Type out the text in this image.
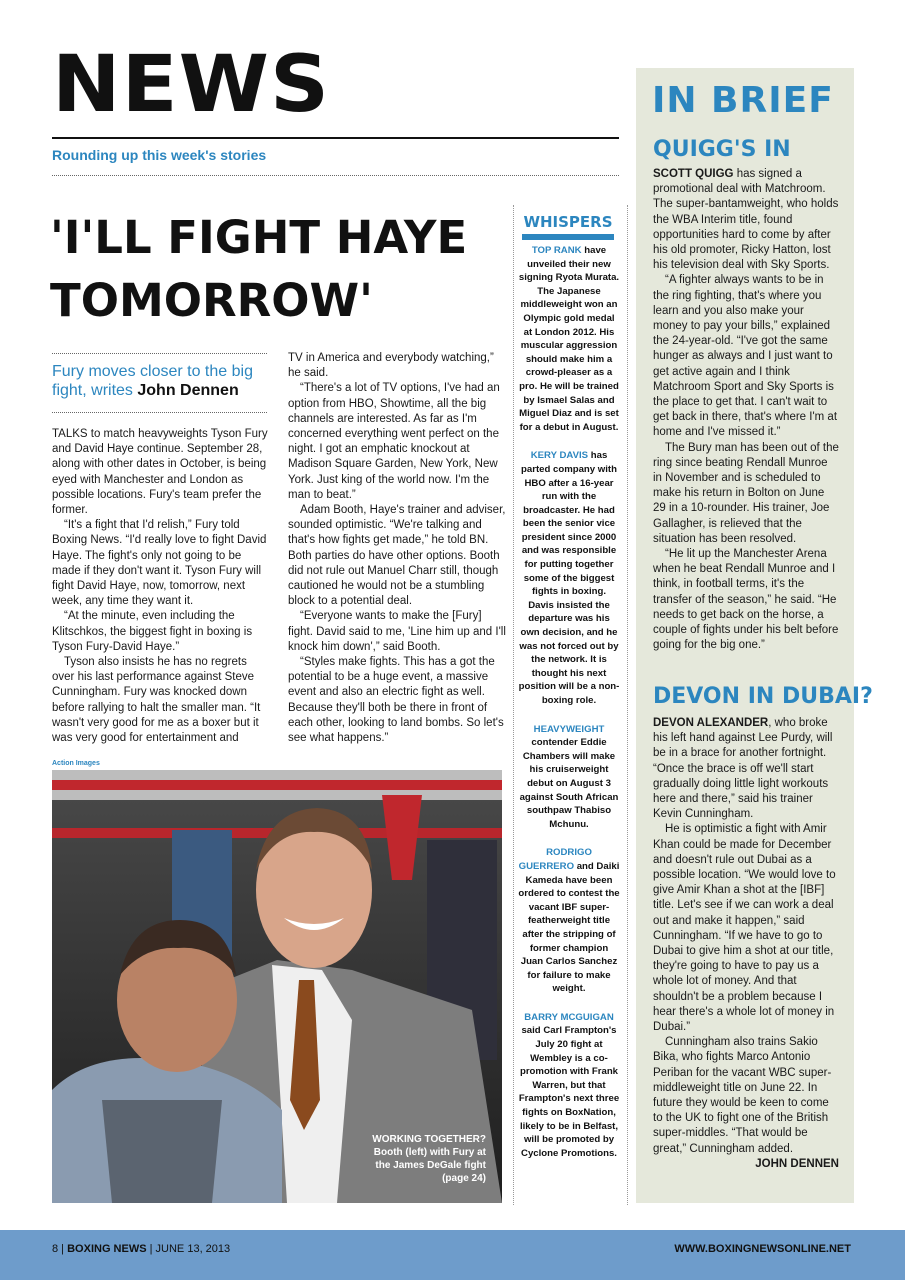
NEWS
Rounding up this week's stories
'I'LL FIGHT HAYE TOMORROW'
Fury moves closer to the big fight, writes John Dennen

TALKS to match heavyweights Tyson Fury and David Haye continue. September 28, along with other dates in October, is being eyed with Manchester and London as possible locations. Fury's team prefer the former.

“It's a fight that I'd relish,” Fury told Boxing News. “I'd really love to fight David Haye. The fight's only not going to be made if they don't want it. Tyson Fury will fight David Haye, now, tomorrow, next week, any time they want it.

“At the minute, even including the Klitschkos, the biggest fight in boxing is Tyson Fury-David Haye.”

Tyson also insists he has no regrets over his last performance against Steve Cunningham. Fury was knocked down before rallying to halt the smaller man. “It wasn't very good for me as a boxer but it was very good for entertainment and

TV in America and everybody watching,” he said.

“There's a lot of TV options, I've had an option from HBO, Showtime, all the big channels are interested. As far as I'm concerned everything went perfect on the night. I got an emphatic knockout at Madison Square Garden, New York, New York. Just king of the world now. I'm the man to beat.”

Adam Booth, Haye's trainer and adviser, sounded optimistic. “We're talking and that's how fights get made,” he told BN. Both parties do have other options. Booth did not rule out Manuel Charr still, though cautioned he would not be a stumbling block to a potential deal.

“Everyone wants to make the [Fury] fight. David said to me, 'Line him up and I'll knock him down',” said Booth.

“Styles make fights. This has a got the potential to be a huge event, a massive event and also an electric fight as well. Because they'll both be there in front of each other, looking to land bombs. So let's see what happens.”

Action Images
WORKING TOGETHER? Booth (left) with Fury at the James DeGale fight (page 24)
WHISPERS
TOP RANK have unveiled their new signing Ryota Murata. The Japanese middleweight won an Olympic gold medal at London 2012. His muscular aggression should make him a crowd-pleaser as a pro. He will be trained by Ismael Salas and Miguel Diaz and is set for a debut in August.
KERY DAVIS has parted company with HBO after a 16-year run with the broadcaster. He had been the senior vice president since 2000 and was responsible for putting together some of the biggest fights in boxing. Davis insisted the departure was his own decision, and he was not forced out by the network. It is thought his next position will be a non-boxing role.
HEAVYWEIGHT contender Eddie Chambers will make his cruiserweight debut on August 3 against South African southpaw Thabiso Mchunu.
RODRIGO GUERRERO and Daiki Kameda have been ordered to contest the vacant IBF super-featherweight title after the stripping of former champion Juan Carlos Sanchez for failure to make weight.
BARRY MCGUIGAN said Carl Frampton's July 20 fight at Wembley is a co-promotion with Frank Warren, but that Frampton's next three fights on BoxNation, likely to be in Belfast, will be promoted by Cyclone Promotions.
IN BRIEF
QUIGG'S IN

SCOTT QUIGG has signed a promotional deal with Matchroom. The super-bantamweight, who holds the WBA Interim title, found opportunities hard to come by after his old promoter, Ricky Hatton, lost his television deal with Sky Sports.

“A fighter always wants to be in the ring fighting, that's where you learn and you also make your money to pay your bills,” explained the 24-year-old. “I've got the same hunger as always and I just want to get active again and I think Matchroom Sport and Sky Sports is the place to get that. I can't wait to get back in there, that's where I'm at home and I've missed it.”

The Bury man has been out of the ring since beating Rendall Munroe in November and is scheduled to make his return in Bolton on June 29 in a 10-rounder. His trainer, Joe Gallagher, is relieved that the situation has been resolved.

“He lit up the Manchester Arena when he beat Rendall Munroe and I think, in football terms, it's the transfer of the season,” he said. “He needs to get back on the horse, a couple of fights under his belt before going for the big one.”

DEVON IN DUBAI?

DEVON ALEXANDER, who broke his left hand against Lee Purdy, will be in a brace for another fortnight. “Once the brace is off we'll start gradually doing little light workouts here and there,” said his trainer Kevin Cunningham.

He is optimistic a fight with Amir Khan could be made for December and doesn't rule out Dubai as a possible location. “We would love to give Amir Khan a shot at the [IBF] title. Let's see if we can work a deal out and make it happen,” said Cunningham. “If we have to go to Dubai to give him a shot at our title, they're going to have to pay us a whole lot of money. And that shouldn't be a problem because I hear there's a whole lot of money in Dubai.”

Cunningham also trains Sakio Bika, who fights Marco Antonio Periban for the vacant WBC super-middleweight title on June 22. In future they would be keen to come to the UK to fight one of the British super-middles. “That would be great,” Cunningham added.

JOHN DENNEN
8 | BOXING NEWS | JUNE 13, 2013	WWW.BOXINGNEWSONLINE.NET
